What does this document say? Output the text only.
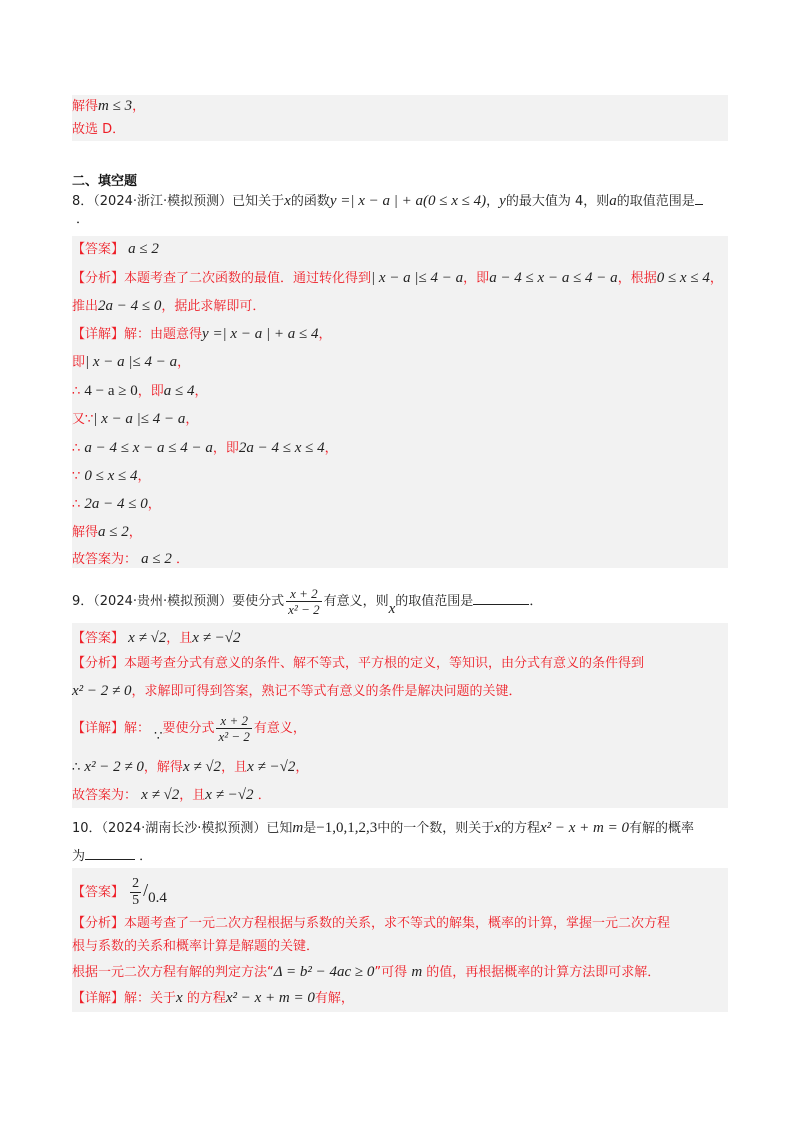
解得m ≤ 3，
故选 D．
二、填空题
8．（2024·浙江·模拟预测）已知关于x的函数y =| x − a | + a(0 ≤ x ≤ 4)，y的最大值为 4，则a的取值范围是
．
【答案】 a ≤ 2
【分析】本题考查了二次函数的最值．通过转化得到| x − a |≤ 4 − a，即a − 4 ≤ x − a ≤ 4 − a，根据0 ≤ x ≤ 4，
推出2a − 4 ≤ 0，据此求解即可．
【详解】解：由题意得y =| x − a | + a ≤ 4，
即| x − a |≤ 4 − a，
∴ 4 − a ≥ 0，即a ≤ 4，
又∵| x − a |≤ 4 − a，
∴ a − 4 ≤ x − a ≤ 4 − a，即2a − 4 ≤ x ≤ 4，
∵ 0 ≤ x ≤ 4，
∴ 2a − 4 ≤ 0，
解得a ≤ 2，
故答案为： a ≤ 2 ．
9．（2024·贵州·模拟预测）要使分式 $\frac{x + 2}{\text{x² − 2}}$ 有意义，则x的取值范围是	．
【答案】 x ≠ √2，且x ≠ −√2
【分析】本题考查分式有意义的条件、解不等式，平方根的定义，等知识，由分式有意义的条件得到
x² − 2 ≠ 0，求解即可得到答案，熟记不等式有意义的条件是解决问题的关键．
【详解】解： ∵要使分式 $\frac{x + 2}{\text{x² − 2}}$ 有意义，
∴ x² − 2 ≠ 0，解得x ≠ √2，且x ≠ −√2，
故答案为： x ≠ √2，且x ≠ −√2 ．
10．（2024·湖南长沙·模拟预测）已知m是−1,0,1,2,3中的一个数，则关于x的方程x² − x + m = 0有解的概率
为	．
【答案】 $\frac{2}{5} /0.4$
【分析】本题考查了一元二次方程根据与系数的关系，求不等式的解集，概率的计算，掌握一元二次方程
根与系数的关系和概率计算是解题的关键．
根据一元二次方程有解的判定方法“Δ = b² − 4ac ≥ 0”可得 m 的值，再根据概率的计算方法即可求解．
【详解】解：关于x 的方程x² − x + m = 0有解，
